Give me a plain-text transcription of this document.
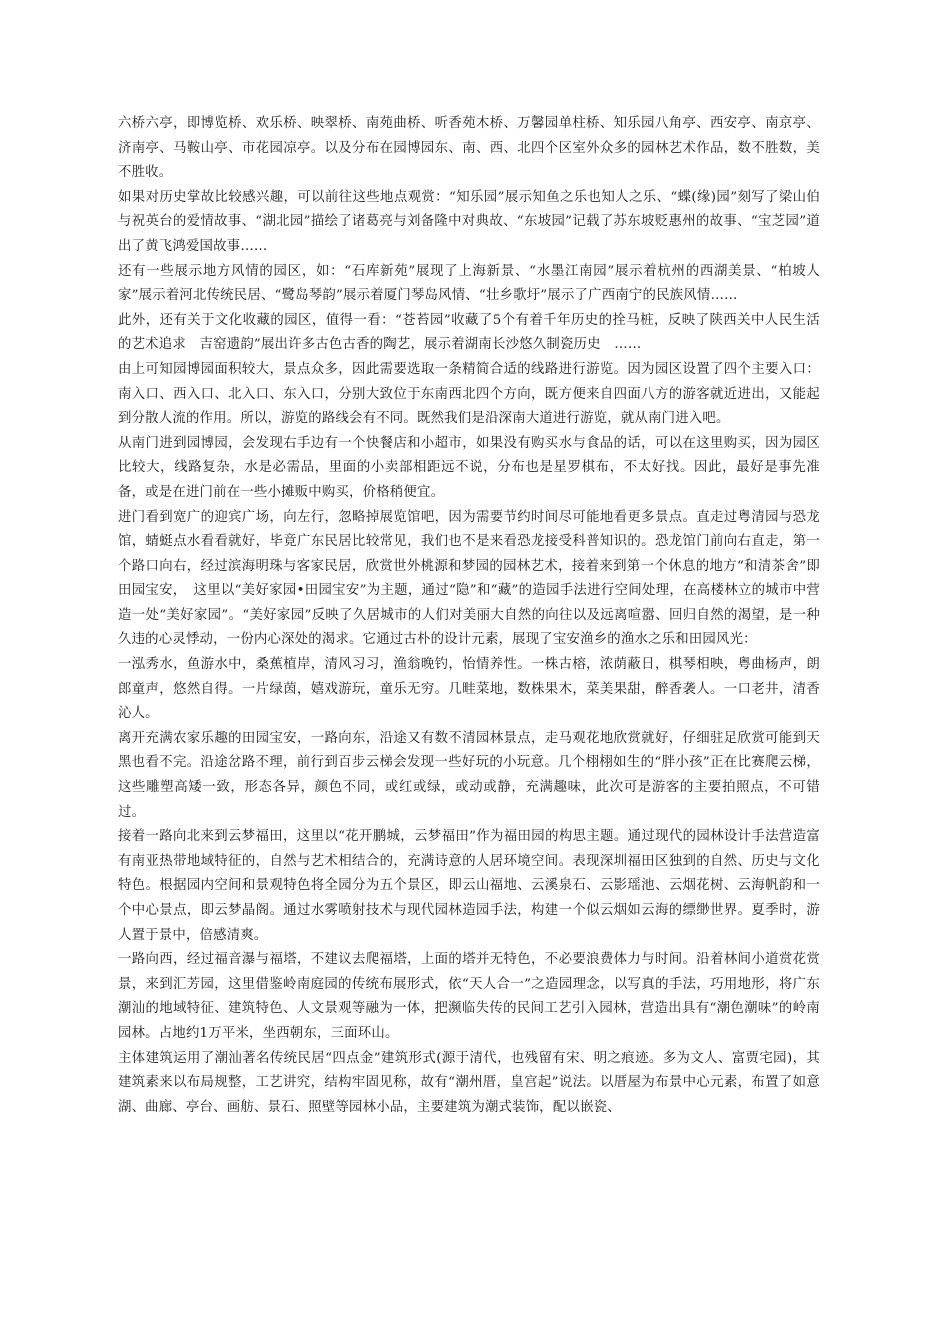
六桥六亭，即博览桥、欢乐桥、映翠桥、南苑曲桥、听香苑木桥、万馨园单柱桥、知乐园八角亭、西安亭、南京亭、济南亭、马鞍山亭、市花园凉亭。以及分布在园博园东、南、西、北四个区室外众多的园林艺术作品，数不胜数，美不胜收。

如果对历史掌故比较感兴趣，可以前往这些地点观赏：“知乐园”展示知鱼之乐也知人之乐、“蝶(缘)园”刻写了梁山伯与祝英台的爱情故事、“湖北园”描绘了诸葛亮与刘备隆中对典故、“东坡园”记载了苏东坡贬惠州的故事、“宝芝园”道出了黄飞鸿爱国故事……

还有一些展示地方风情的园区，如：“石库新苑”展现了上海新景、“水墨江南园”展示着杭州的西湖美景、“柏坡人家”展示着河北传统民居、“鹭岛琴韵”展示着厦门琴岛风情、“壮乡歌圩”展示了广西南宁的民族风情……

此外，还有关于文化收藏的园区，值得一看：“苍苔园”收藏了5个有着千年历史的拴马桩，反映了陕西关中人民生活的艺术追求　吉窑遗韵”展出许多古色古香的陶艺，展示着湖南长沙悠久制瓷历史　……

由上可知园博园面积较大，景点众多，因此需要选取一条精简合适的线路进行游览。因为园区设置了四个主要入口：南入口、西入口、北入口、东入口，分别大致位于东南西北四个方向，既方便来自四面八方的游客就近进出，又能起到分散人流的作用。所以，游览的路线会有不同。既然我们是沿深南大道进行游览，就从南门进入吧。

从南门进到园博园，会发现右手边有一个快餐店和小超市，如果没有购买水与食品的话，可以在这里购买，因为园区比较大，线路复杂，水是必需品，里面的小卖部相距远不说，分布也是星罗棋布，不太好找。因此，最好是事先准备，或是在进门前在一些小摊贩中购买，价格稍便宜。

进门看到宽广的迎宾广场，向左行，忽略掉展览馆吧，因为需要节约时间尽可能地看更多景点。直走过粤清园与恐龙馆，蜻蜓点水看看就好，毕竟广东民居比较常见，我们也不是来看恐龙接受科普知识的。恐龙馆门前向右直走，第一个路口向右，经过滨海明珠与客家民居，欣赏世外桃源和梦园的园林艺术，接着来到第一个休息的地方“和清茶舍”即田园宝安，　这里以“美好家园•田园宝安”为主题，通过“隐”和“藏”的造园手法进行空间处理，在高楼林立的城市中营造一处“美好家园”。“美好家园”反映了久居城市的人们对美丽大自然的向往以及远离喧嚣、回归自然的渴望，是一种久违的心灵悸动，一份内心深处的渴求。它通过古朴的设计元素，展现了宝安渔乡的渔水之乐和田园风光：

一泓秀水，鱼游水中，桑蕉植岸，清风习习，渔翁晚钓，怡情养性。一株古榕，浓荫蔽日，棋琴相映，粤曲杨声，朗郎童声，悠然自得。一片绿茵，嬉戏游玩，童乐无穷。几畦菜地，数株果木，菜美果甜，醉香袭人。一口老井，清香沁人。

离开充满农家乐趣的田园宝安，一路向东，沿途又有数不清园林景点，走马观花地欣赏就好，仔细驻足欣赏可能到天黑也看不完。沿途岔路不理，前行到百步云梯会发现一些好玩的小玩意。几个栩栩如生的“胖小孩”正在比赛爬云梯，这些雕塑高矮一致，形态各异，颜色不同，或红或绿，或动或静，充满趣味，此次可是游客的主要拍照点，不可错过。

接着一路向北来到云梦福田，这里以“花开鹏城，云梦福田”作为福田园的构思主题。通过现代的园林设计手法营造富有南亚热带地域特征的，自然与艺术相结合的，充满诗意的人居环境空间。表现深圳福田区独到的自然、历史与文化特色。根据园内空间和景观特色将全园分为五个景区，即云山福地、云溪泉石、云影瑶池、云烟花树、云海帆韵和一个中心景点，即云梦晶阁。通过水雾喷射技术与现代园林造园手法，构建一个似云烟如云海的缥缈世界。夏季时，游人置于景中，倍感清爽。

一路向西，经过福音瀑与福塔，不建议去爬福塔，上面的塔并无特色，不必要浪费体力与时间。沿着林间小道赏花赏景，来到汇芳园，这里借鉴岭南庭园的传统布展形式，依“天人合一”之造园理念，以写真的手法，巧用地形，将广东潮汕的地域特征、建筑特色、人文景观等融为一体，把濒临失传的民间工艺引入园林，营造出具有“潮色潮味”的岭南园林。占地约1万平米，坐西朝东，三面环山。

主体建筑运用了潮汕著名传统民居“四点金”建筑形式(源于清代，也残留有宋、明之痕迹。多为文人、富贾宅园)，其建筑素来以布局规整，工艺讲究，结构牢固见称，故有“潮州厝，皇宫起”说法。以厝屋为布景中心元素，布置了如意湖、曲廊、亭台、画舫、景石、照壁等园林小品，主要建筑为潮式装饰，配以嵌瓷、
